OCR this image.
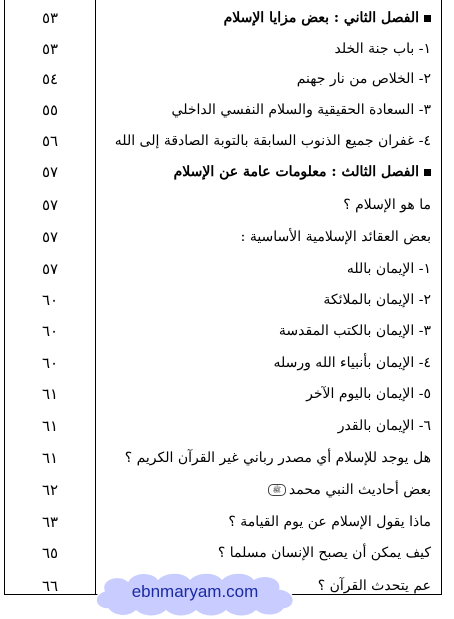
٥٣	الفصل الثاني : بعض مزايا الإسلام
٥٣	١- باب جنة الخلد
٥٤	٢- الخلاص من نار جهنم
٥٥	٣- السعادة الحقيقية والسلام النفسي الداخلي
٥٦	٤- غفران جميع الذنوب السابقة بالتوبة الصادقة إلى الله
٥٧	الفصل الثالث : معلومات عامة عن الإسلام
٥٧	ما هو الإسلام ؟
٥٧	بعض العقائد الإسلامية الأساسية :
٥٧	١- الإيمان بالله
٦٠	٢- الإيمان بالملائكة
٦٠	٣- الإيمان بالكتب المقدسة
٦٠	٤- الإيمان بأنبياء الله ورسله
٦١	٥- الإيمان باليوم الآخر
٦١	٦- الإيمان بالقدر
٦١	هل يوجد للإسلام أي مصدر رباني غير القرآن الكريم ؟
٦٢	بعض أحاديث النبي محمدﷺ
٦٣	ماذا يقول الإسلام عن يوم القيامة ؟
٦٥	كيف يمكن أن يصبح الإنسان مسلما ؟
٦٦	عم يتحدث القرآن ؟
ebnmaryam.com
